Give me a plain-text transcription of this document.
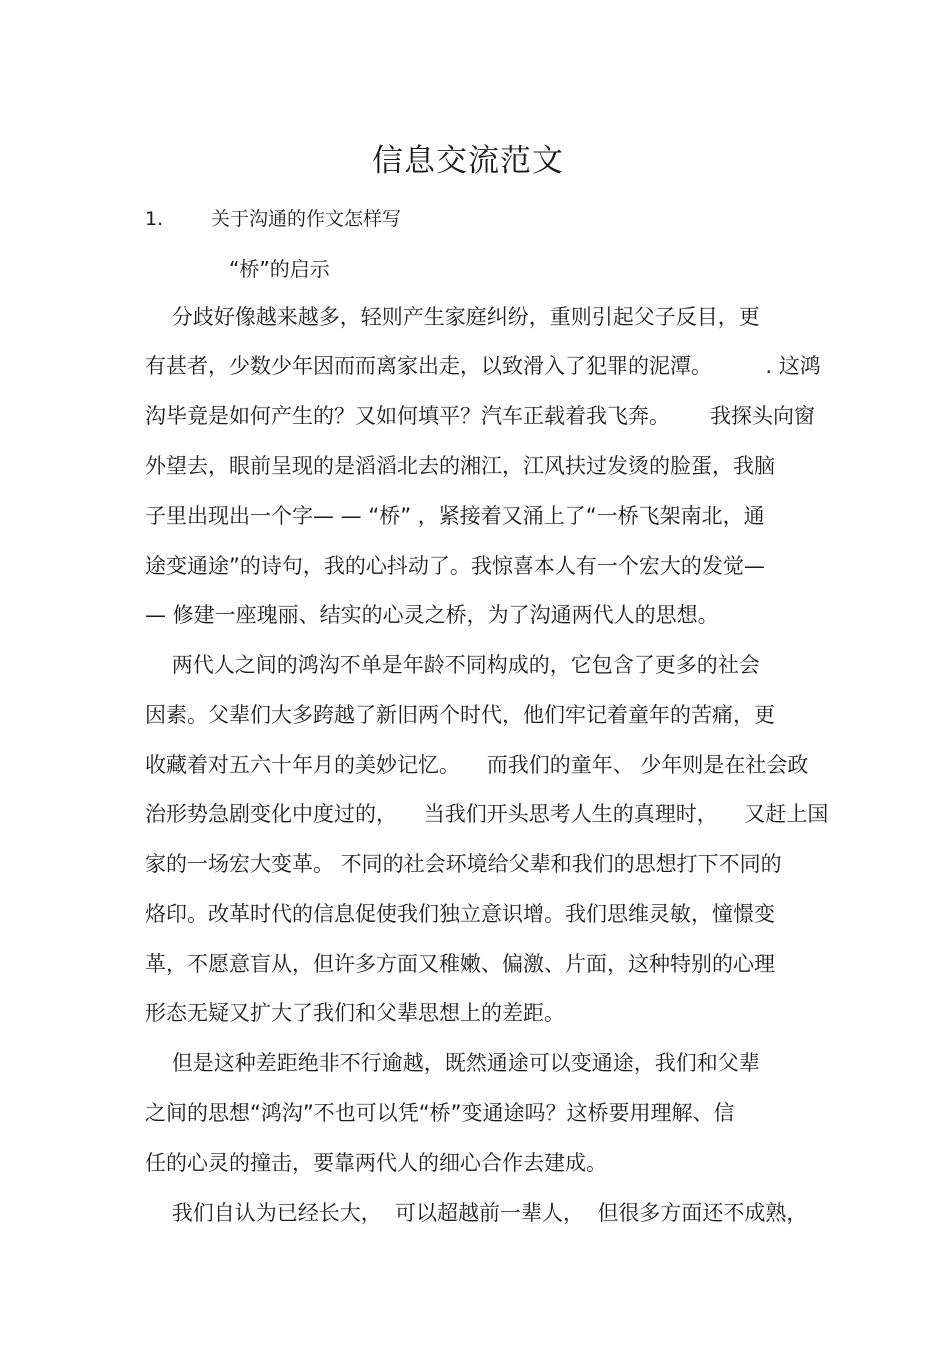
信息交流范文
1.	关于沟通的作文怎样写
“桥”的启示
分歧好像越来越多，轻则产生家庭纠纷，重则引起父子反目，更
有甚者，少数少年因而而离家出走，以致滑入了犯罪的泥潭。        . 这鸿
沟毕竟是如何产生的？又如何填平？汽车正载着我飞奔。      我探头向窗
外望去，眼前呈现的是滔滔北去的湘江，江风扶过发烫的脸蛋，我脑
子里出现出一个字— — “桥” ，紧接着又涌上了“一桥飞架南北，通
途变通途”的诗句，我的心抖动了。我惊喜本人有一个宏大的发觉—
— 修建一座瑰丽、结实的心灵之桥，为了沟通两代人的思想。
两代人之间的鸿沟不单是年龄不同构成的，它包含了更多的社会
因素。父辈们大多跨越了新旧两个时代，他们牢记着童年的苦痛，更
收藏着对五六十年月的美妙记忆。    而我们的童年、 少年则是在社会政
治形势急剧变化中度过的，    当我们开头思考人生的真理时，    又赶上国
家的一场宏大变革。 不同的社会环境给父辈和我们的思想打下不同的
烙印。改革时代的信息促使我们独立意识增。我们思维灵敏，憧憬变
革，不愿意盲从，但许多方面又稚嫩、偏激、片面，这种特别的心理
形态无疑又扩大了我们和父辈思想上的差距。
但是这种差距绝非不行逾越，既然通途可以变通途，我们和父辈
之间的思想“鸿沟”不也可以凭“桥”变通途吗？这桥要用理解、信
任的心灵的撞击，要靠两代人的细心合作去建成。
我们自认为已经长大，  可以超越前一辈人，  但很多方面还不成熟，
